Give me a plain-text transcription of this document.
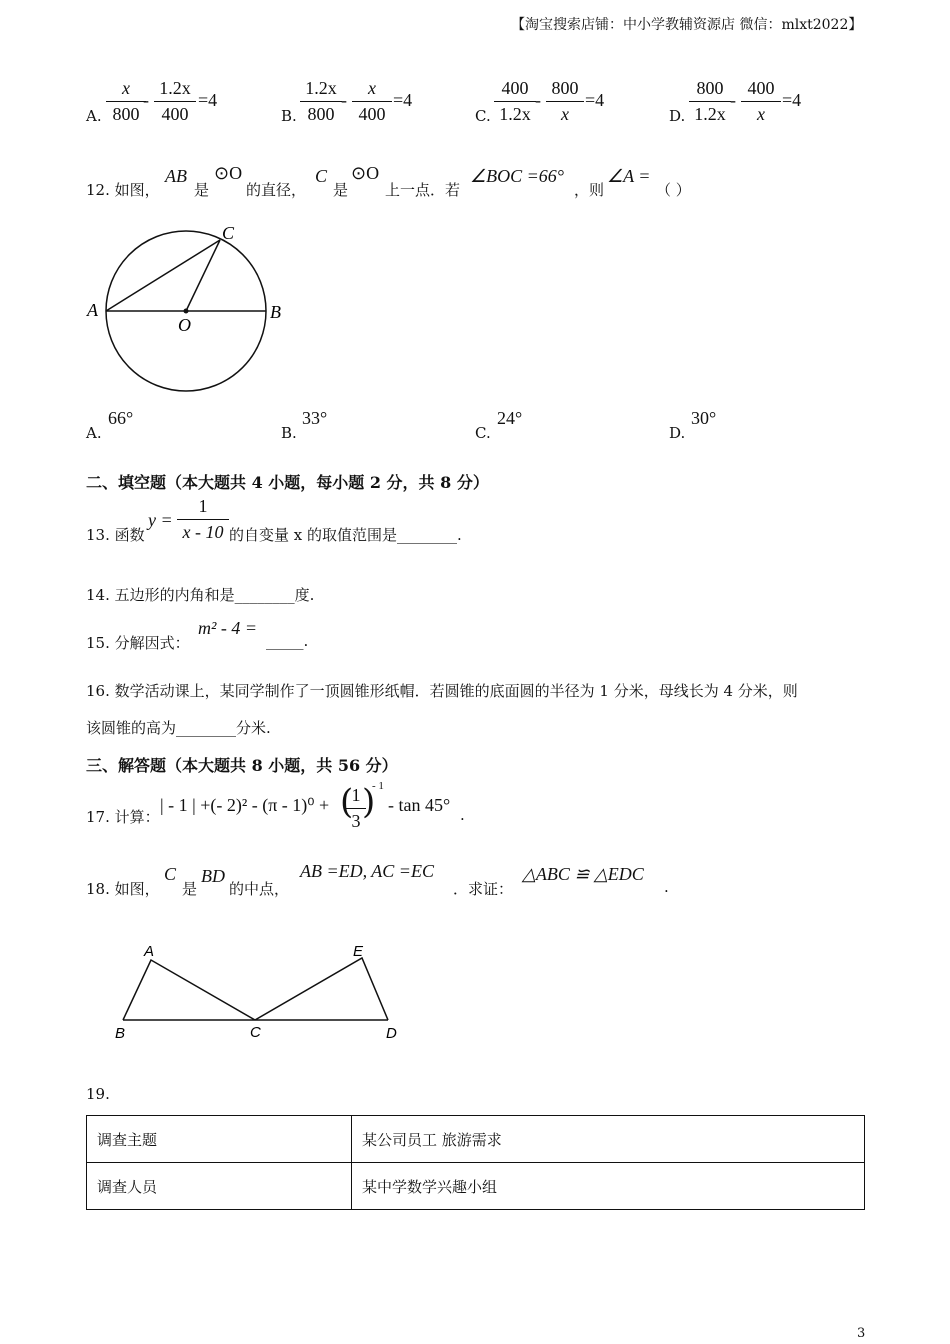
【淘宝搜索店铺：中小学教辅资源店 微信：mlxt2022】
A. $\frac{x}{800}$
- $\frac{1.2x}{400} =4$
B. $\frac{1.2x}{800} - \frac{x}{400} =4$
C. $\frac{400}{1.2x} - \frac{800}{x} =4$
D. $\frac{800}{1.2x} - \frac{400}{x} =4$
12. 如图，
AB
是
⊙O
的直径，
C
是
⊙O
上一点．若
∠BOC =66°
，则
∠A =
（ ）
A	B
C
O
A.
66°
B.
33°
C.
24°
D.
30°
二、填空题（本大题共 4 小题，每小题 2 分，共 8 分）
13. 函数
$y = \frac{1}{x - 10}$ 的自变量 x 的取值范围是________.
14. 五边形的内角和是________度.
15. 分解因式：
m² - 4 =
_____.
16. 数学活动课上，某同学制作了一顶圆锥形纸帽．若圆锥的底面圆的半径为 1 分米，母线长为 4 分米，则
该圆锥的高为________分米.
三、解答题（本大题共 8 小题，共 56 分）
17. 计算：
| - 1 | +(- 2)² - (π - 1)⁰ + (
$\frac{1}{3}$
)
- 1
- tan 45° .
18. 如图，
C
是
BD
的中点，
AB =ED, AC =EC
．求证：
△ABC ≌ △EDC
.
A
B	C	D
E
19.
调查主题	某公司员工 旅游需求
调查人员	某中学数学兴趣小组
3
